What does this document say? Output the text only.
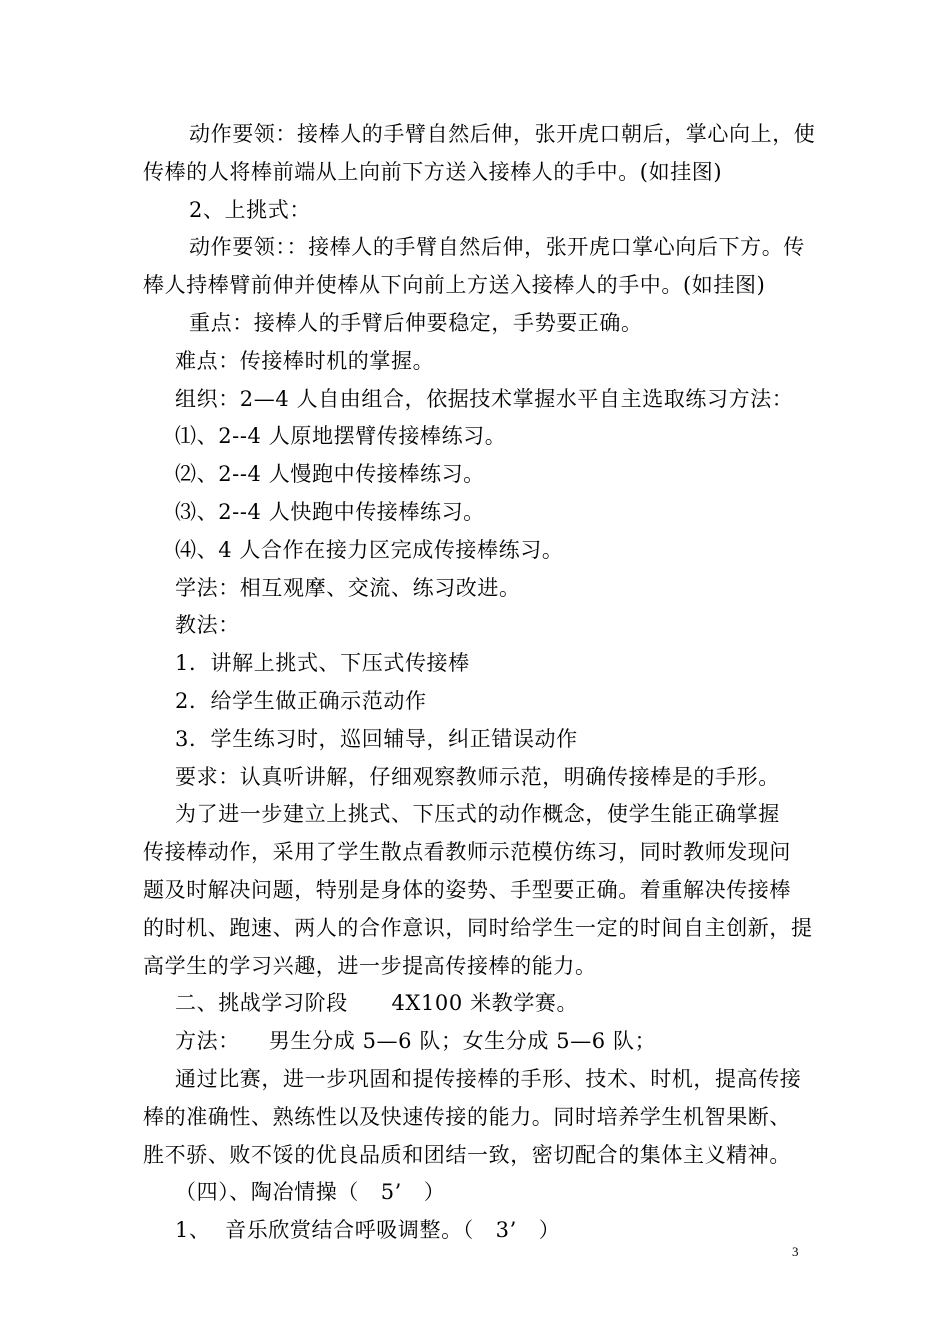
动作要领：接棒人的手臂自然后伸，张开虎口朝后，掌心向上，使
传棒的人将棒前端从上向前下方送入接棒人的手中。(如挂图)
2、上挑式：
动作要领：：接棒人的手臂自然后伸，张开虎口掌心向后下方。传
棒人持棒臂前伸并使棒从下向前上方送入接棒人的手中。(如挂图)
重点：接棒人的手臂后伸要稳定，手势要正确。
难点：传接棒时机的掌握。
组织：2—4 人自由组合，依据技术掌握水平自主选取练习方法：
⑴、2--4 人原地摆臂传接棒练习。
⑵、2--4 人慢跑中传接棒练习。
⑶、2--4 人快跑中传接棒练习。
⑷、4 人合作在接力区完成传接棒练习。
学法：相互观摩、交流、练习改进。
教法：
1．讲解上挑式、下压式传接棒
2．给学生做正确示范动作
3．学生练习时，巡回辅导，纠正错误动作
要求：认真听讲解，仔细观察教师示范，明确传接棒是的手形。
为了进一步建立上挑式、下压式的动作概念，使学生能正确掌握
传接棒动作，采用了学生散点看教师示范模仿练习，同时教师发现问
题及时解决问题，特别是身体的姿势、手型要正确。着重解决传接棒
的时机、跑速、两人的合作意识，同时给学生一定的时间自主创新，提
高学生的学习兴趣，进一步提高传接棒的能力。
二、挑战学习阶段      4X100 米教学赛。
方法：    男生分成 5—6 队；女生分成 5—6 队；
通过比赛，进一步巩固和提传接棒的手形、技术、时机，提高传接
棒的准确性、熟练性以及快速传接的能力。同时培养学生机智果断、
胜不骄、败不馁的优良品质和团结一致，密切配合的集体主义精神。
（四）、陶冶情操（   5’   ）
1、  音乐欣赏结合呼吸调整。（   3’   ）
3
